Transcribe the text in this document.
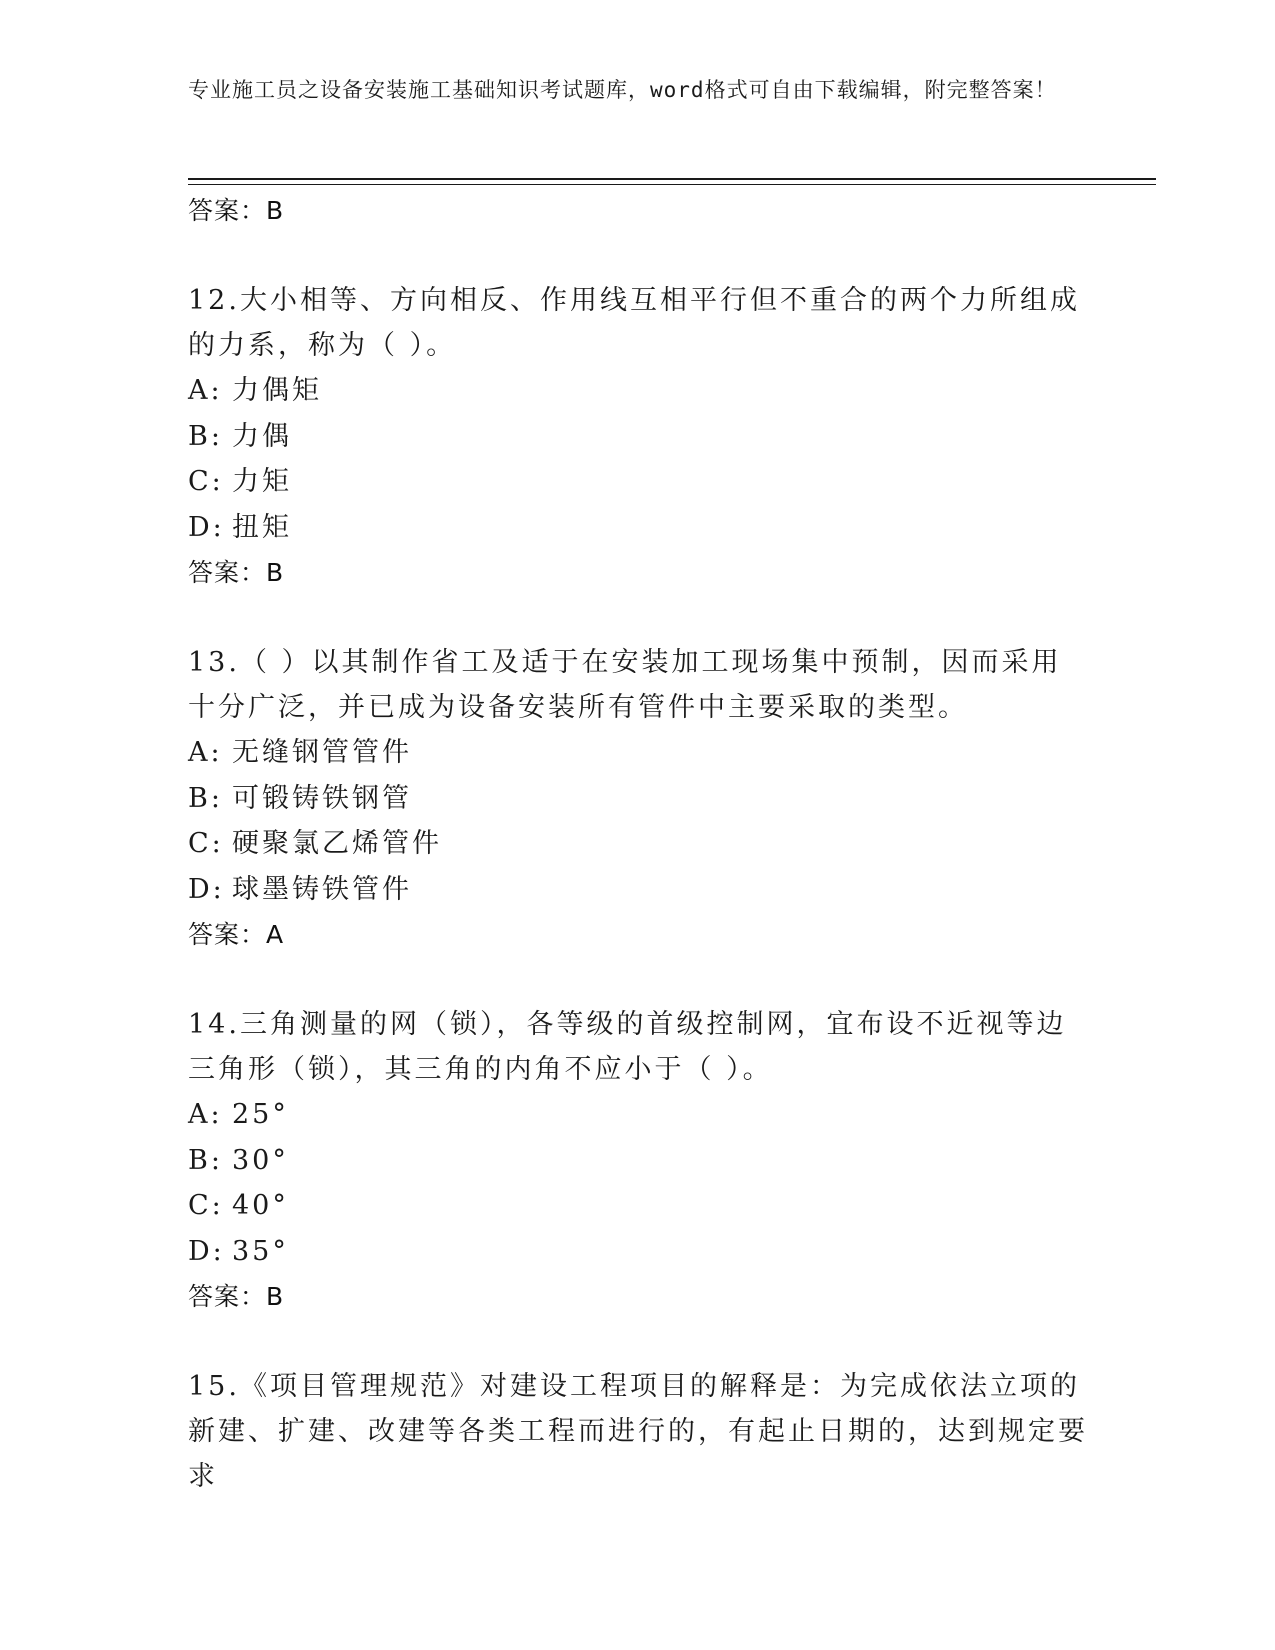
专业施工员之设备安装施工基础知识考试题库，word格式可自由下载编辑，附完整答案！
答案：B
12.大小相等、方向相反、作用线互相平行但不重合的两个力所组成的力系，称为（ ）。
A: 力偶矩
B: 力偶
C: 力矩
D: 扭矩
答案：B
13.（ ）以其制作省工及适于在安装加工现场集中预制，因而采用十分广泛，并已成为设备安装所有管件中主要采取的类型。
A: 无缝钢管管件
B: 可锻铸铁钢管
C: 硬聚氯乙烯管件
D: 球墨铸铁管件
答案：A
14.三角测量的网（锁），各等级的首级控制网，宜布设不近视等边三角形（锁），其三角的内角不应小于（ ）。
A: 25°
B: 30°
C: 40°
D: 35°
答案：B
15.《项目管理规范》对建设工程项目的解释是：为完成依法立项的新建、扩建、改建等各类工程而进行的，有起止日期的，达到规定要求
